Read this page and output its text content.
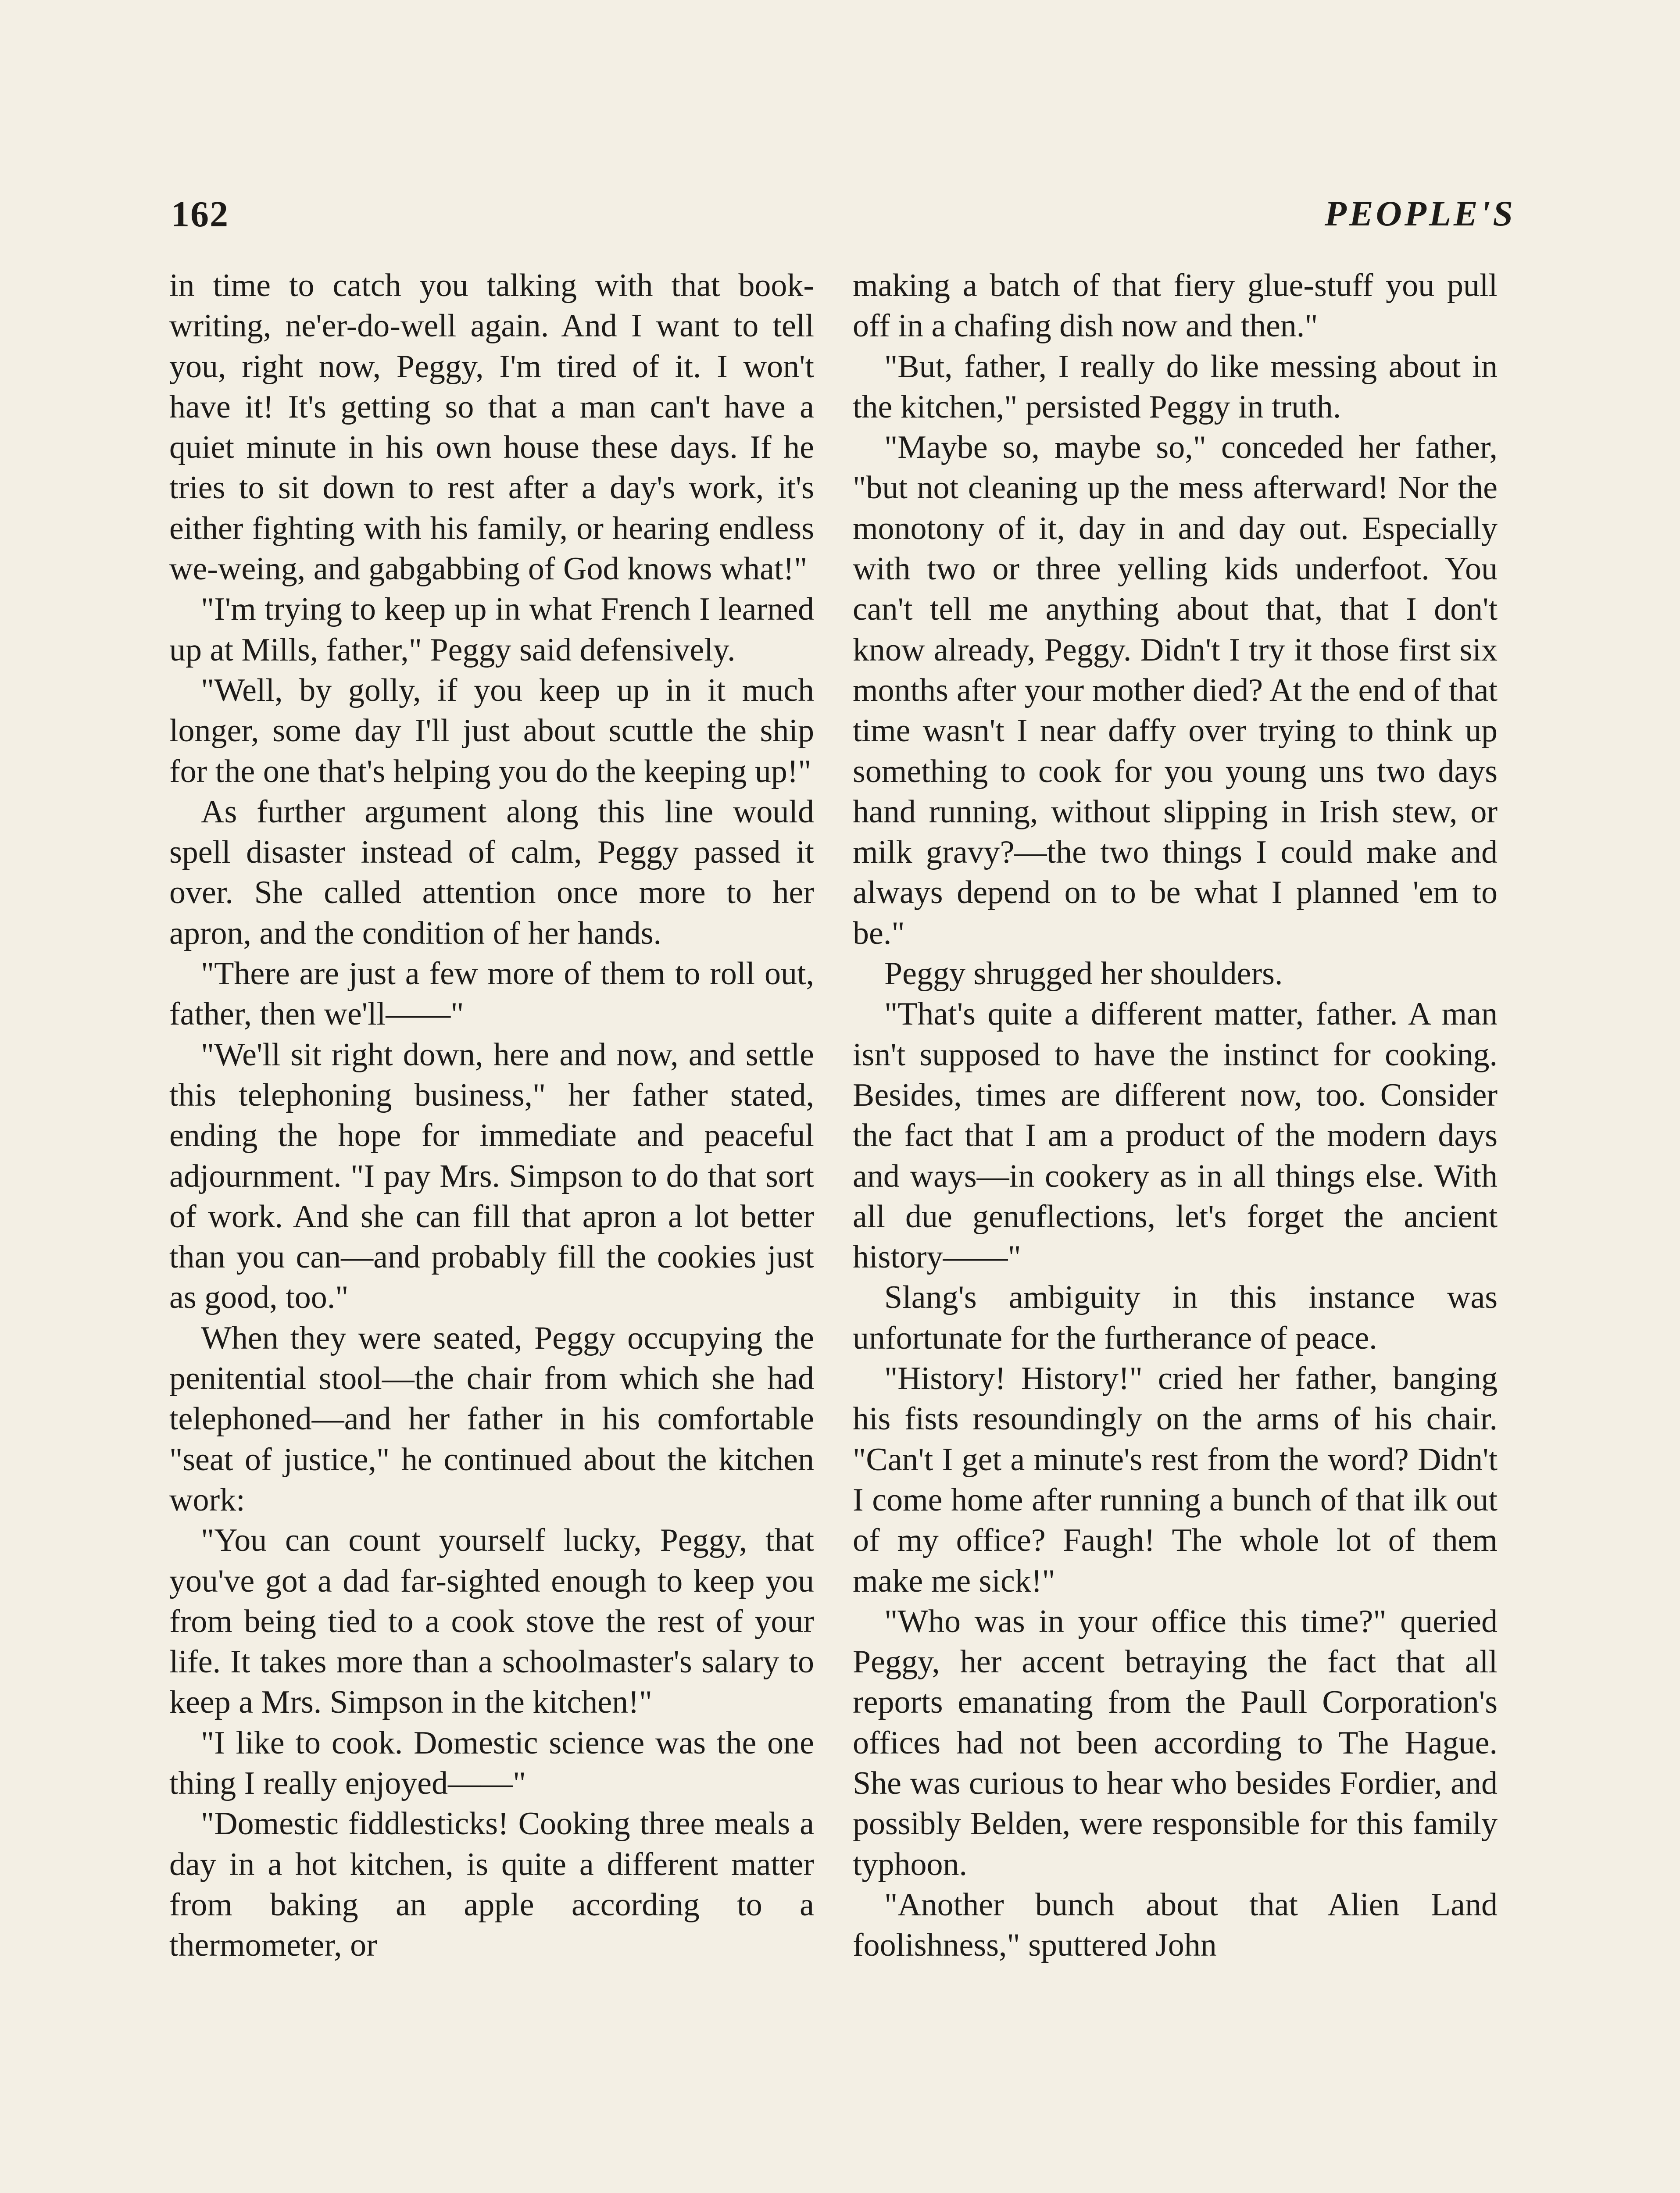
162	PEOPLE'S

in time to catch you talking with that book-writing, ne'er-do-well again. And I want to tell you, right now, Peggy, I'm tired of it. I won't have it! It's getting so that a man can't have a quiet minute in his own house these days. If he tries to sit down to rest after a day's work, it's either fighting with his family, or hearing endless we-weing, and gabgabbing of God knows what!"

"I'm trying to keep up in what French I learned up at Mills, father," Peggy said defensively.

"Well, by golly, if you keep up in it much longer, some day I'll just about scuttle the ship for the one that's helping you do the keeping up!"

As further argument along this line would spell disaster instead of calm, Peggy passed it over. She called attention once more to her apron, and the condition of her hands.

"There are just a few more of them to roll out, father, then we'll——"

"We'll sit right down, here and now, and settle this telephoning business," her father stated, ending the hope for immediate and peaceful adjournment. "I pay Mrs. Simpson to do that sort of work. And she can fill that apron a lot better than you can—and probably fill the cookies just as good, too."

When they were seated, Peggy occupying the penitential stool—the chair from which she had telephoned—and her father in his comfortable "seat of justice," he continued about the kitchen work:

"You can count yourself lucky, Peggy, that you've got a dad far-sighted enough to keep you from being tied to a cook stove the rest of your life. It takes more than a schoolmaster's salary to keep a Mrs. Simpson in the kitchen!"

"I like to cook. Domestic science was the one thing I really enjoyed——"

"Domestic fiddlesticks! Cooking three meals a day in a hot kitchen, is quite a different matter from baking an apple according to a thermometer, or

making a batch of that fiery glue-stuff you pull off in a chafing dish now and then."

"But, father, I really do like messing about in the kitchen," persisted Peggy in truth.

"Maybe so, maybe so," conceded her father, "but not cleaning up the mess afterward! Nor the monotony of it, day in and day out. Especially with two or three yelling kids underfoot. You can't tell me anything about that, that I don't know already, Peggy. Didn't I try it those first six months after your mother died? At the end of that time wasn't I near daffy over trying to think up something to cook for you young uns two days hand running, without slipping in Irish stew, or milk gravy?—the two things I could make and always depend on to be what I planned 'em to be."

Peggy shrugged her shoulders.

"That's quite a different matter, father. A man isn't supposed to have the instinct for cooking. Besides, times are different now, too. Consider the fact that I am a product of the modern days and ways—in cookery as in all things else. With all due genuflections, let's forget the ancient history——"

Slang's ambiguity in this instance was unfortunate for the furtherance of peace.

"History! History!" cried her father, banging his fists resoundingly on the arms of his chair. "Can't I get a minute's rest from the word? Didn't I come home after running a bunch of that ilk out of my office? Faugh! The whole lot of them make me sick!"

"Who was in your office this time?" queried Peggy, her accent betraying the fact that all reports emanating from the Paull Corporation's offices had not been according to The Hague. She was curious to hear who besides Fordier, and possibly Belden, were responsible for this family typhoon.

"Another bunch about that Alien Land foolishness," sputtered John
